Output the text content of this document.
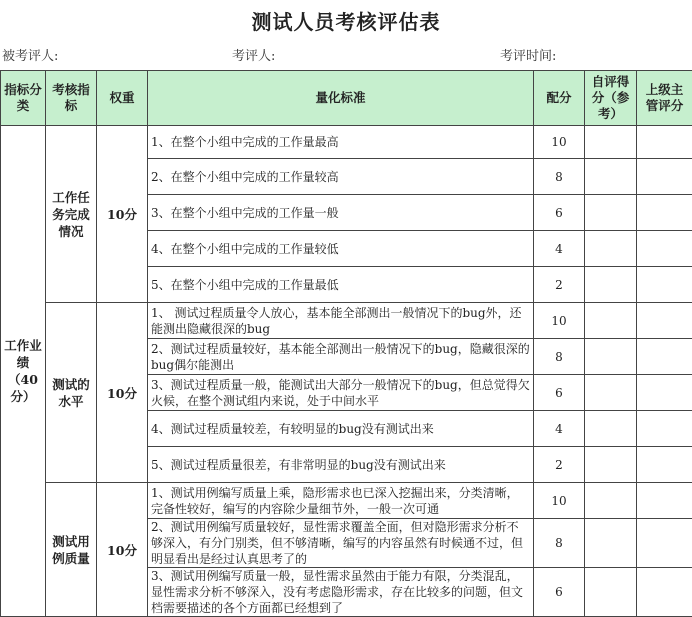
测试人员考核评估表
被考评人:	考评人:	考评时间:
指标分类	考核指标	权重	量化标准	配分	自评得分（参考）	上级主管评分
工作业绩（40分）	工作任务完成情况	10分	1、在整个小组中完成的工作量最高	10		
			2、在整个小组中完成的工作量较高	8		
			3、在整个小组中完成的工作量一般	6		
			4、在整个小组中完成的工作量较低	4		
			5、在整个小组中完成的工作量最低	2		
	测试的水平	10分	1、 测试过程质量令人放心，基本能全部测出一般情况下的bug外，还能测出隐藏很深的bug	10		
			2、测试过程质量较好，基本能全部测出一般情况下的bug，隐藏很深的bug偶尔能测出	8		
			3、测试过程质量一般，能测试出大部分一般情况下的bug，但总觉得欠火候，在整个测试组内来说，处于中间水平	6		
			4、测试过程质量较差，有较明显的bug没有测试出来	4		
			5、测试过程质量很差，有非常明显的bug没有测试出来	2		
	测试用例质量	10分	1、测试用例编写质量上乘，隐形需求也已深入挖掘出来，分类清晰，完备性较好，编写的内容除少量细节外，一般一次可通	10		
			2、测试用例编写质量较好，显性需求覆盖全面，但对隐形需求分析不够深入，有分门别类，但不够清晰，编写的内容虽然有时候通不过，但明显看出是经过认真思考了的	8		
			3、测试用例编写质量一般，显性需求虽然由于能力有限，分类混乱，显性需求分析不够深入，没有考虑隐形需求，存在比较多的问题，但文档需要描述的各个方面都已经想到了	6		
